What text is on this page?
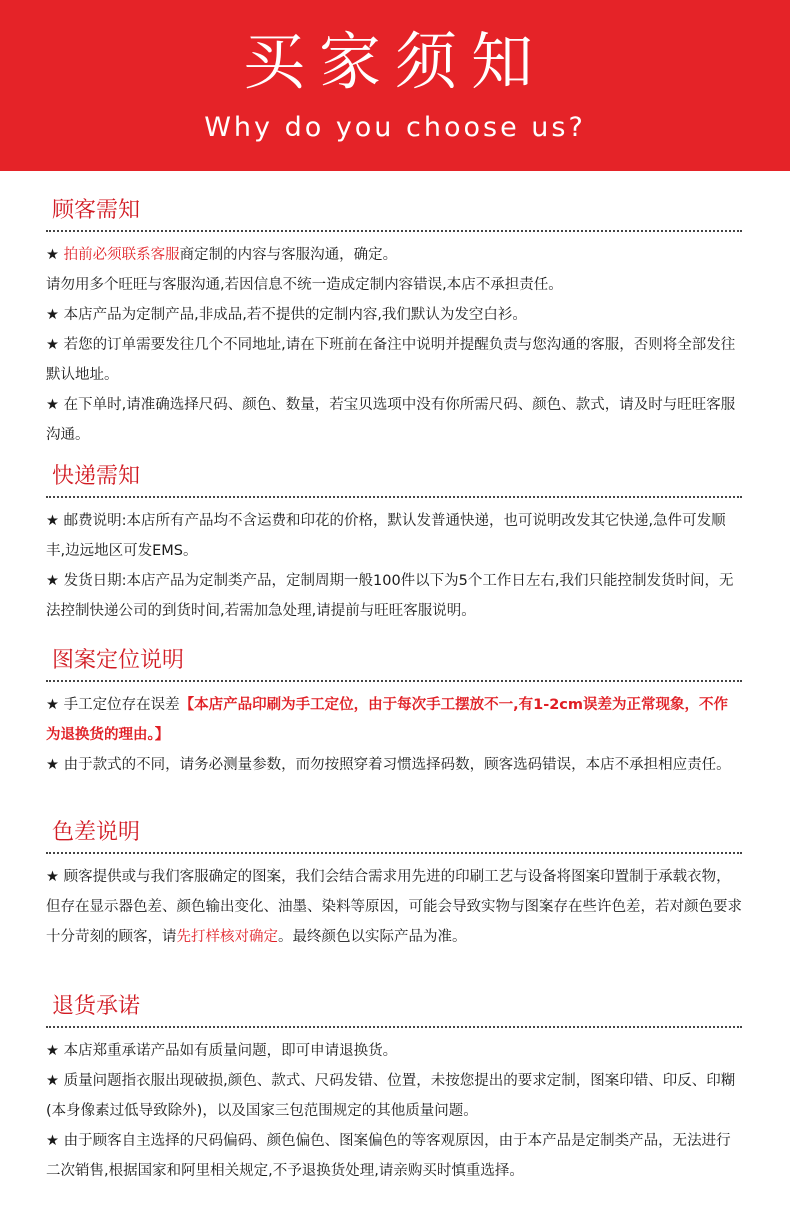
买家须知
Why do you choose us?
顾客需知

★ 拍前必须联系客服商定制的内容与客服沟通，确定。

请勿用多个旺旺与客服沟通,若因信息不统一造成定制内容错误,本店不承担责任。

★ 本店产品为定制产品,非成品,若不提供的定制内容,我们默认为发空白衫。

★ 若您的订单需要发往几个不同地址,请在下班前在备注中说明并提醒负责与您沟通的客服，否则将全部发往默认地址。

★ 在下单时,请准确选择尺码、颜色、数量，若宝贝选项中没有你所需尺码、颜色、款式，请及时与旺旺客服沟通。

快递需知

★ 邮费说明:本店所有产品均不含运费和印花的价格，默认发普通快递，也可说明改发其它快递,急件可发顺丰,边远地区可发EMS。

★ 发货日期:本店产品为定制类产品，定制周期一般100件以下为5个工作日左右,我们只能控制发货时间，无法控制快递公司的到货时间,若需加急处理,请提前与旺旺客服说明。

图案定位说明

★ 手工定位存在误差【本店产品印刷为手工定位，由于每次手工摆放不一,有1-2cm误差为正常现象，不作为退换货的理由。】

★ 由于款式的不同，请务必测量参数，而勿按照穿着习惯选择码数，顾客选码错误，本店不承担相应责任。

色差说明

★ 顾客提供或与我们客服确定的图案，我们会结合需求用先进的印刷工艺与设备将图案印置制于承载衣物，但存在显示器色差、颜色输出变化、油墨、染料等原因，可能会导致实物与图案存在些许色差，若对颜色要求十分苛刻的顾客，请先打样核对确定。最终颜色以实际产品为准。

退货承诺

★ 本店郑重承诺产品如有质量问题，即可申请退换货。

★ 质量问题指衣服出现破损,颜色、款式、尺码发错、位置，未按您提出的要求定制，图案印错、印反、印糊(本身像素过低导致除外)，以及国家三包范围规定的其他质量问题。

★ 由于顾客自主选择的尺码偏码、颜色偏色、图案偏色的等客观原因，由于本产品是定制类产品，无法进行二次销售,根据国家和阿里相关规定,不予退换货处理,请亲购买时慎重选择。
